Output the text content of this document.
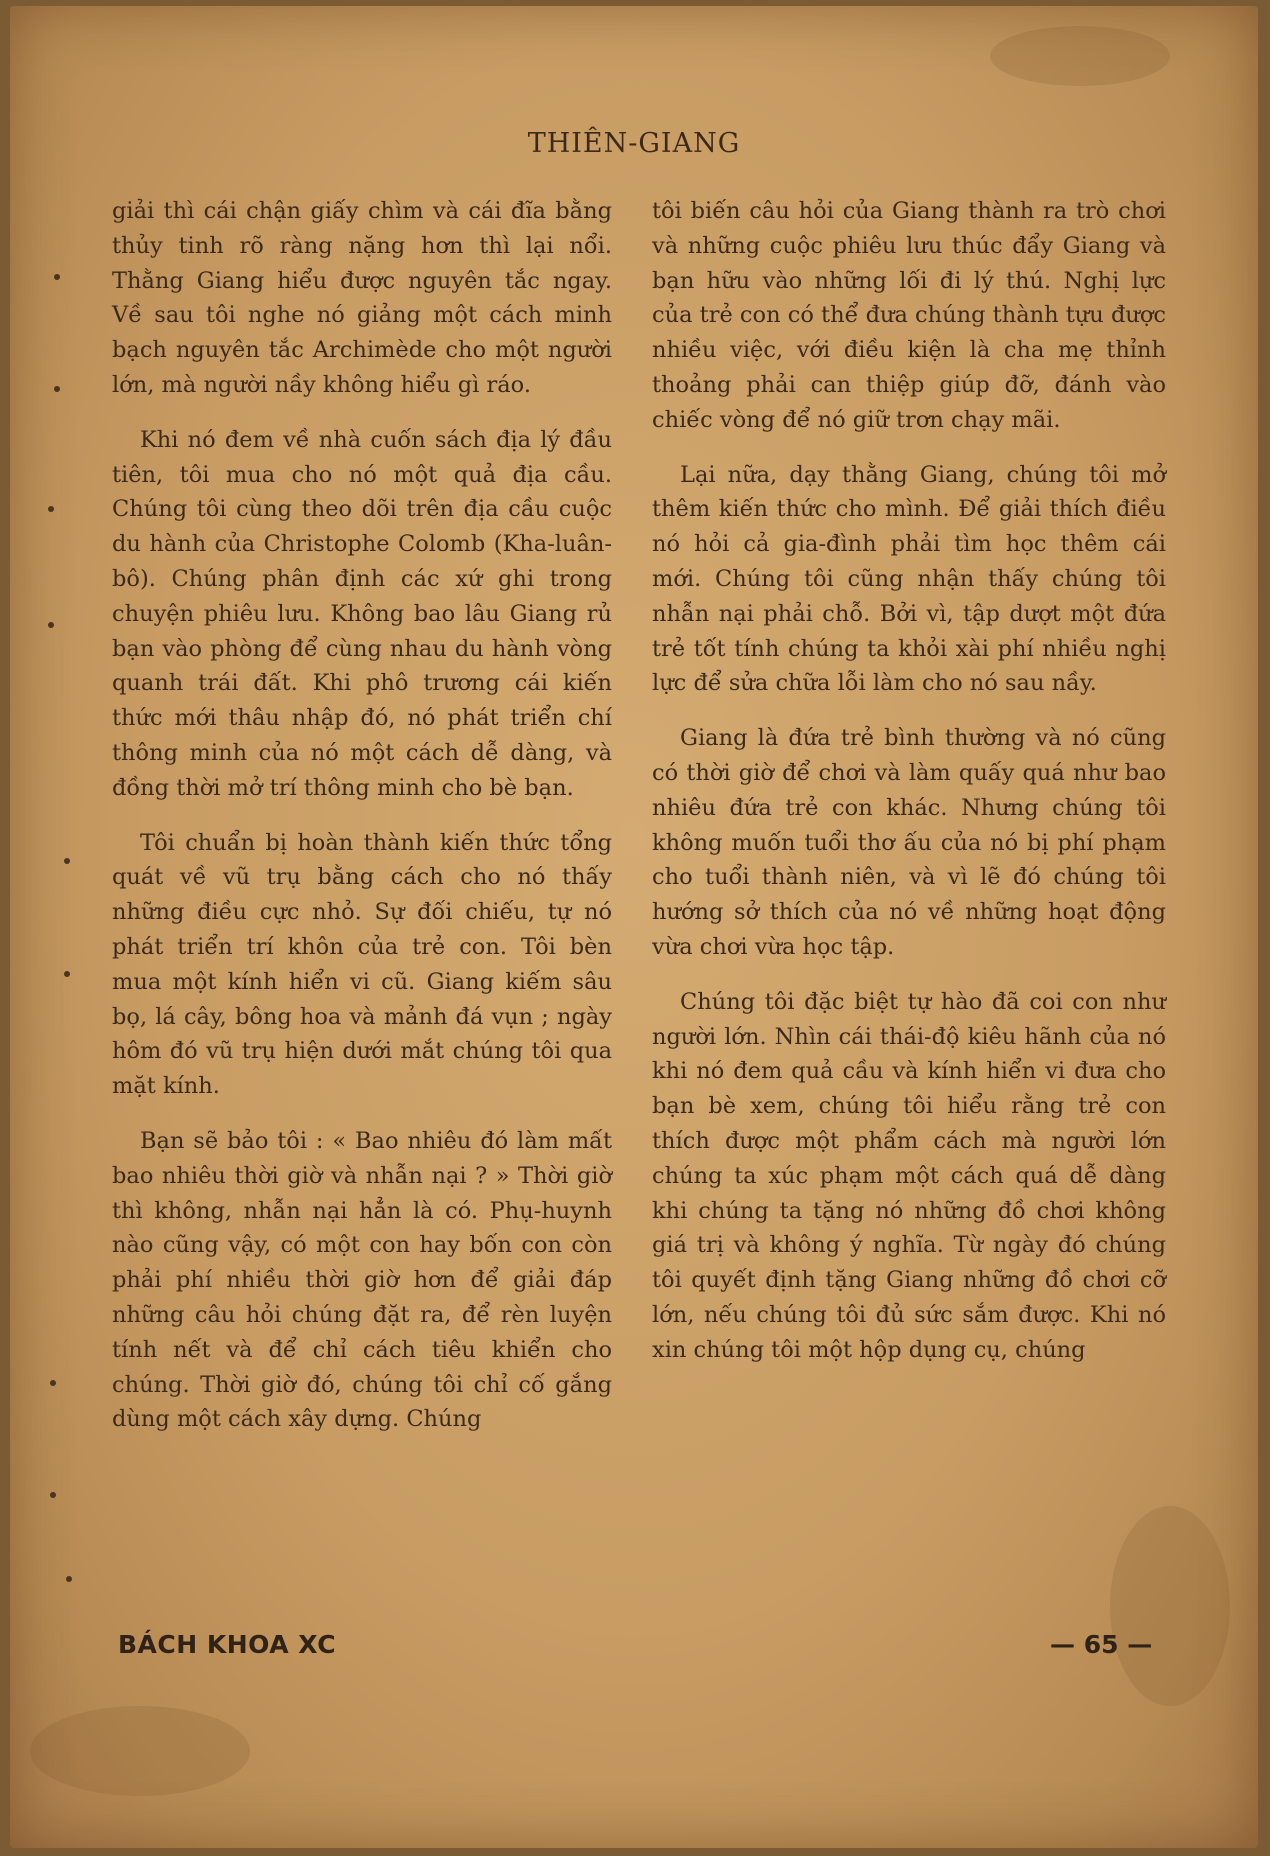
THIÊN-GIANG

giải thì cái chận giấy chìm và cái đĩa bằng thủy tinh rõ ràng nặng hơn thì lại nổi. Thằng Giang hiểu được nguyên tắc ngay. Về sau tôi nghe nó giảng một cách minh bạch nguyên tắc Archimède cho một người lớn, mà người nầy không hiểu gì ráo.

Khi nó đem về nhà cuốn sách địa lý đầu tiên, tôi mua cho nó một quả địa cầu. Chúng tôi cùng theo dõi trên địa cầu cuộc du hành của Christophe Colomb (Kha-luân-bô). Chúng phân định các xứ ghi trong chuyện phiêu lưu. Không bao lâu Giang rủ bạn vào phòng để cùng nhau du hành vòng quanh trái đất. Khi phô trương cái kiến thức mới thâu nhập đó, nó phát triển chí thông minh của nó một cách dễ dàng, và đồng thời mở trí thông minh cho bè bạn.

Tôi chuẩn bị hoàn thành kiến thức tổng quát về vũ trụ bằng cách cho nó thấy những điều cực nhỏ. Sự đối chiếu, tự nó phát triển trí khôn của trẻ con. Tôi bèn mua một kính hiển vi cũ. Giang kiếm sâu bọ, lá cây, bông hoa và mảnh đá vụn ; ngày hôm đó vũ trụ hiện dưới mắt chúng tôi qua mặt kính.

Bạn sẽ bảo tôi : « Bao nhiêu đó làm mất bao nhiêu thời giờ và nhẫn nại ? » Thời giờ thì không, nhẫn nại hẳn là có. Phụ-huynh nào cũng vậy, có một con hay bốn con còn phải phí nhiều thời giờ hơn để giải đáp những câu hỏi chúng đặt ra, để rèn luyện tính nết và để chỉ cách tiêu khiển cho chúng. Thời giờ đó, chúng tôi chỉ cố gắng dùng một cách xây dựng. Chúng

tôi biến câu hỏi của Giang thành ra trò chơi và những cuộc phiêu lưu thúc đẩy Giang và bạn hữu vào những lối đi lý thú. Nghị lực của trẻ con có thể đưa chúng thành tựu được nhiều việc, với điều kiện là cha mẹ thỉnh thoảng phải can thiệp giúp đỡ, đánh vào chiếc vòng để nó giữ trơn chạy mãi.

Lại nữa, dạy thằng Giang, chúng tôi mở thêm kiến thức cho mình. Để giải thích điều nó hỏi cả gia-đình phải tìm học thêm cái mới. Chúng tôi cũng nhận thấy chúng tôi nhẫn nại phải chỗ. Bởi vì, tập dượt một đứa trẻ tốt tính chúng ta khỏi xài phí nhiều nghị lực để sửa chữa lỗi làm cho nó sau nầy.

Giang là đứa trẻ bình thường và nó cũng có thời giờ để chơi và làm quấy quá như bao nhiêu đứa trẻ con khác. Nhưng chúng tôi không muốn tuổi thơ ấu của nó bị phí phạm cho tuổi thành niên, và vì lẽ đó chúng tôi hướng sở thích của nó về những hoạt động vừa chơi vừa học tập.

Chúng tôi đặc biệt tự hào đã coi con như người lớn. Nhìn cái thái-độ kiêu hãnh của nó khi nó đem quả cầu và kính hiển vi đưa cho bạn bè xem, chúng tôi hiểu rằng trẻ con thích được một phẩm cách mà người lớn chúng ta xúc phạm một cách quá dễ dàng khi chúng ta tặng nó những đồ chơi không giá trị và không ý nghĩa. Từ ngày đó chúng tôi quyết định tặng Giang những đồ chơi cỡ lớn, nếu chúng tôi đủ sức sắm được. Khi nó xin chúng tôi một hộp dụng cụ, chúng

BÁCH KHOA XC	— 65 —
